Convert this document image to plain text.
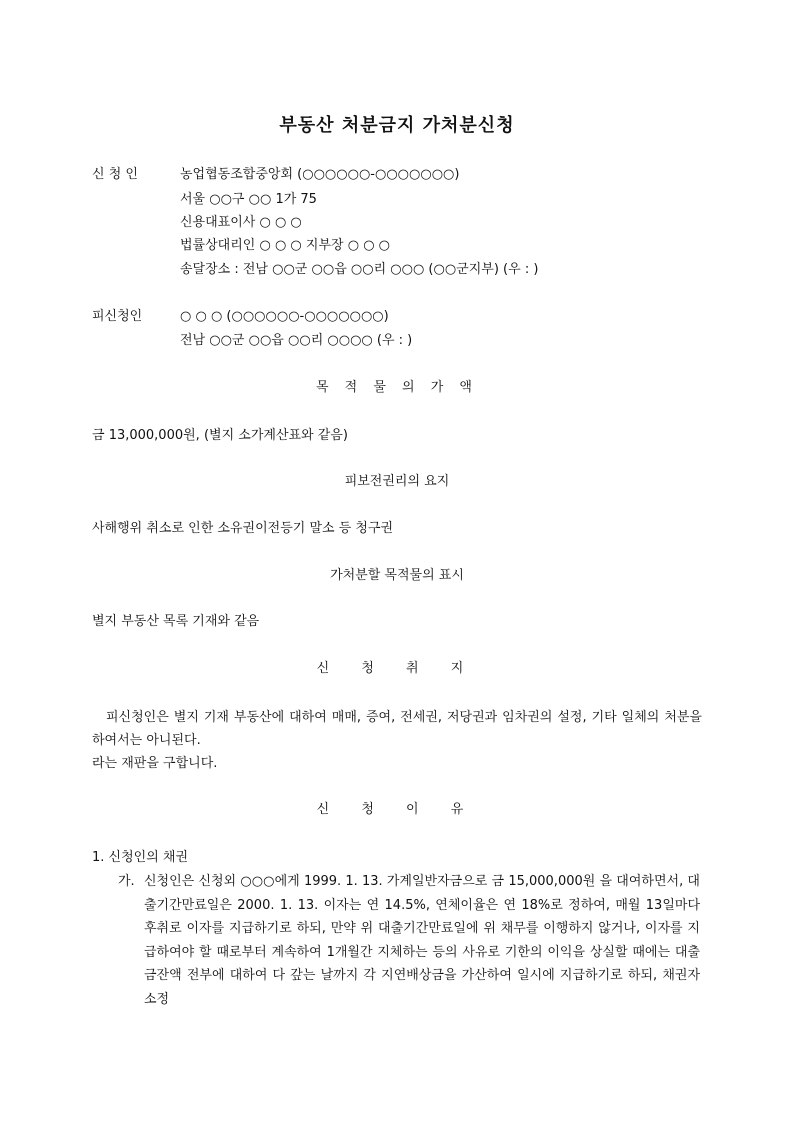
부동산 처분금지 가처분신청
신 청 인	농업협동조합중앙회 (○○○○○○-○○○○○○○)
서울 ○○구 ○○ 1가 75
신용대표이사 ○ ○ ○
법률상대리인 ○ ○ ○ 지부장 ○ ○ ○
송달장소 : 전남 ○○군 ○○읍 ○○리 ○○○ (○○군지부) (우 : )
피신청인	○ ○ ○ (○○○○○○-○○○○○○○)
전남 ○○군 ○○읍 ○○리 ○○○○ (우 : )
목 적 물 의 가 액
금 13,000,000원, (별지 소가계산표와 같음)
피보전권리의 요지
사해행위 취소로 인한 소유권이전등기 말소 등 청구권
가처분할 목적물의 표시
별지 부동산 목록 기재와 같음
신 청 취 지

피신청인은 별지 기재 부동산에 대하여 매매, 증여, 전세권, 저당권과 임차권의 설정, 기타 일체의 처분을 하여서는 아니된다.

라는 재판을 구합니다.

신 청 이 유
1. 신청인의 채권
가. 신청인은 신청외 ○○○에게 1999. 1. 13. 가계일반자금으로 금 15,000,000원 을 대여하면서, 대출기간만료일은 2000. 1. 13. 이자는 연 14.5%, 연체이율은 연 18%로 정하여, 매월 13일마다 후취로 이자를 지급하기로 하되, 만약 위 대출기간만료일에 위 채무를 이행하지 않거나, 이자를 지급하여야 할 때로부터 계속하여 1개월간 지체하는 등의 사유로 기한의 이익을 상실할 때에는 대출금잔액 전부에 대하여 다 갚는 날까지 각 지연배상금을 가산하여 일시에 지급하기로 하되, 채권자 소정
